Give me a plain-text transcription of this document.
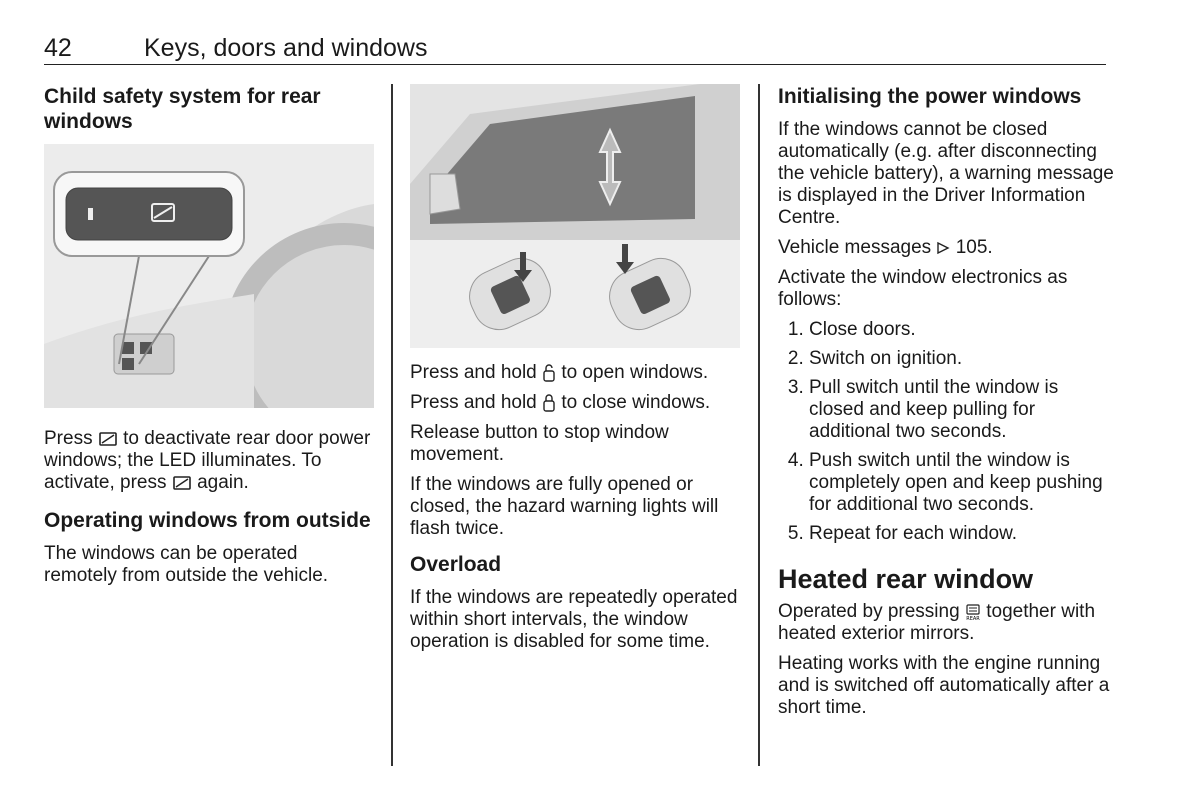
42	Keys, doors and windows
Child safety system for rear windows

Press to deactivate rear door power windows; the LED illuminates. To activate, press again.

Operating windows from outside

The windows can be operated remotely from outside the vehicle.

Press and hold to open windows.

Press and hold to close windows.

Release button to stop window movement.

If the windows are fully opened or closed, the hazard warning lights will flash twice.

Overload

If the windows are repeatedly operated within short intervals, the window operation is disabled for some time.

Initialising the power windows

If the windows cannot be closed automatically (e.g. after disconnecting the vehicle battery), a warning message is displayed in the Driver Information Centre.

Vehicle messages 105.

Activate the window electronics as follows:

1. Close doors.
2. Switch on ignition.
3. Pull switch until the window is closed and keep pulling for additional two seconds.
4. Push switch until the window is completely open and keep pushing for additional two seconds.
5. Repeat for each window.
Heated rear window

Operated by pressing REAR together with heated exterior mirrors.

Heating works with the engine running and is switched off automatically after a short time.
